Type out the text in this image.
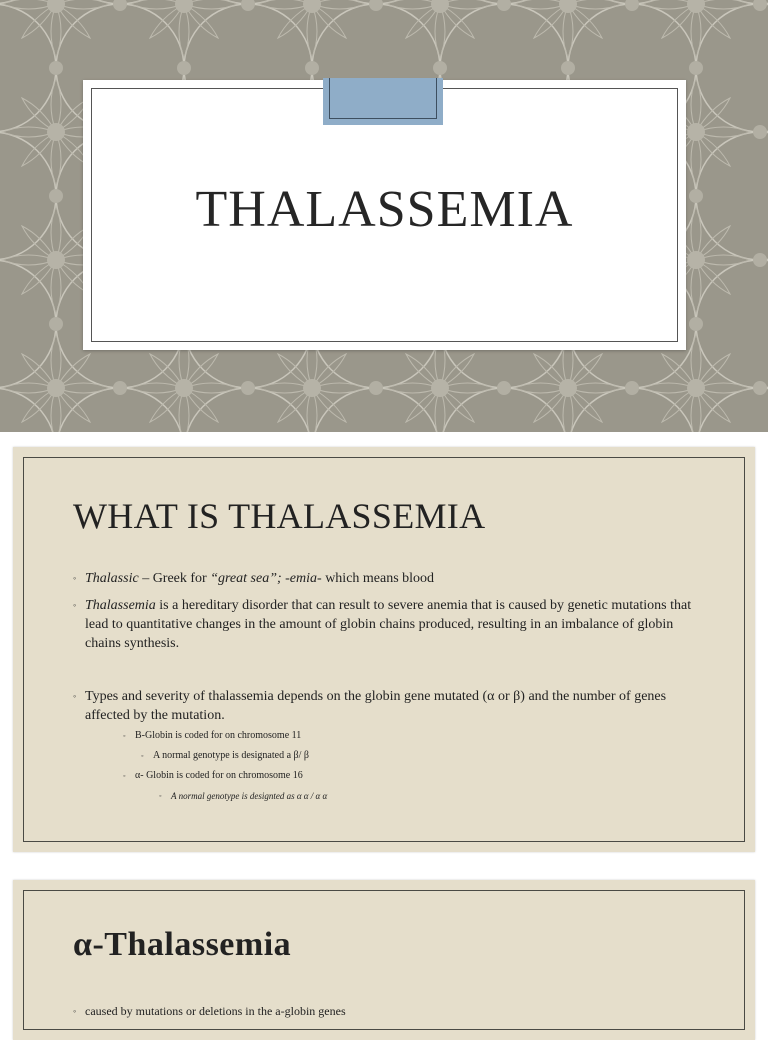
THALASSEMIA
WHAT IS THALASSEMIA
◦ Thalassic – Greek for “great sea”; -emia- which means blood
◦ Thalassemia is a hereditary disorder that can result to severe anemia that is caused by genetic mutations that lead to quantitative changes in the amount of globin chains produced, resulting in an imbalance of globin chains synthesis.
◦ Types and severity of thalassemia depends on the globin gene mutated (α or β) and the number of genes affected by the mutation.
◦ Β-Globin is coded for on chromosome 11
◦ A normal genotype is designated a β/ β
◦ α- Globin is coded for on chromosome 16
◦ A normal genotype is designted as α α / α α
α-Thalassemia
◦ caused by mutations or deletions in the a-globin genes
